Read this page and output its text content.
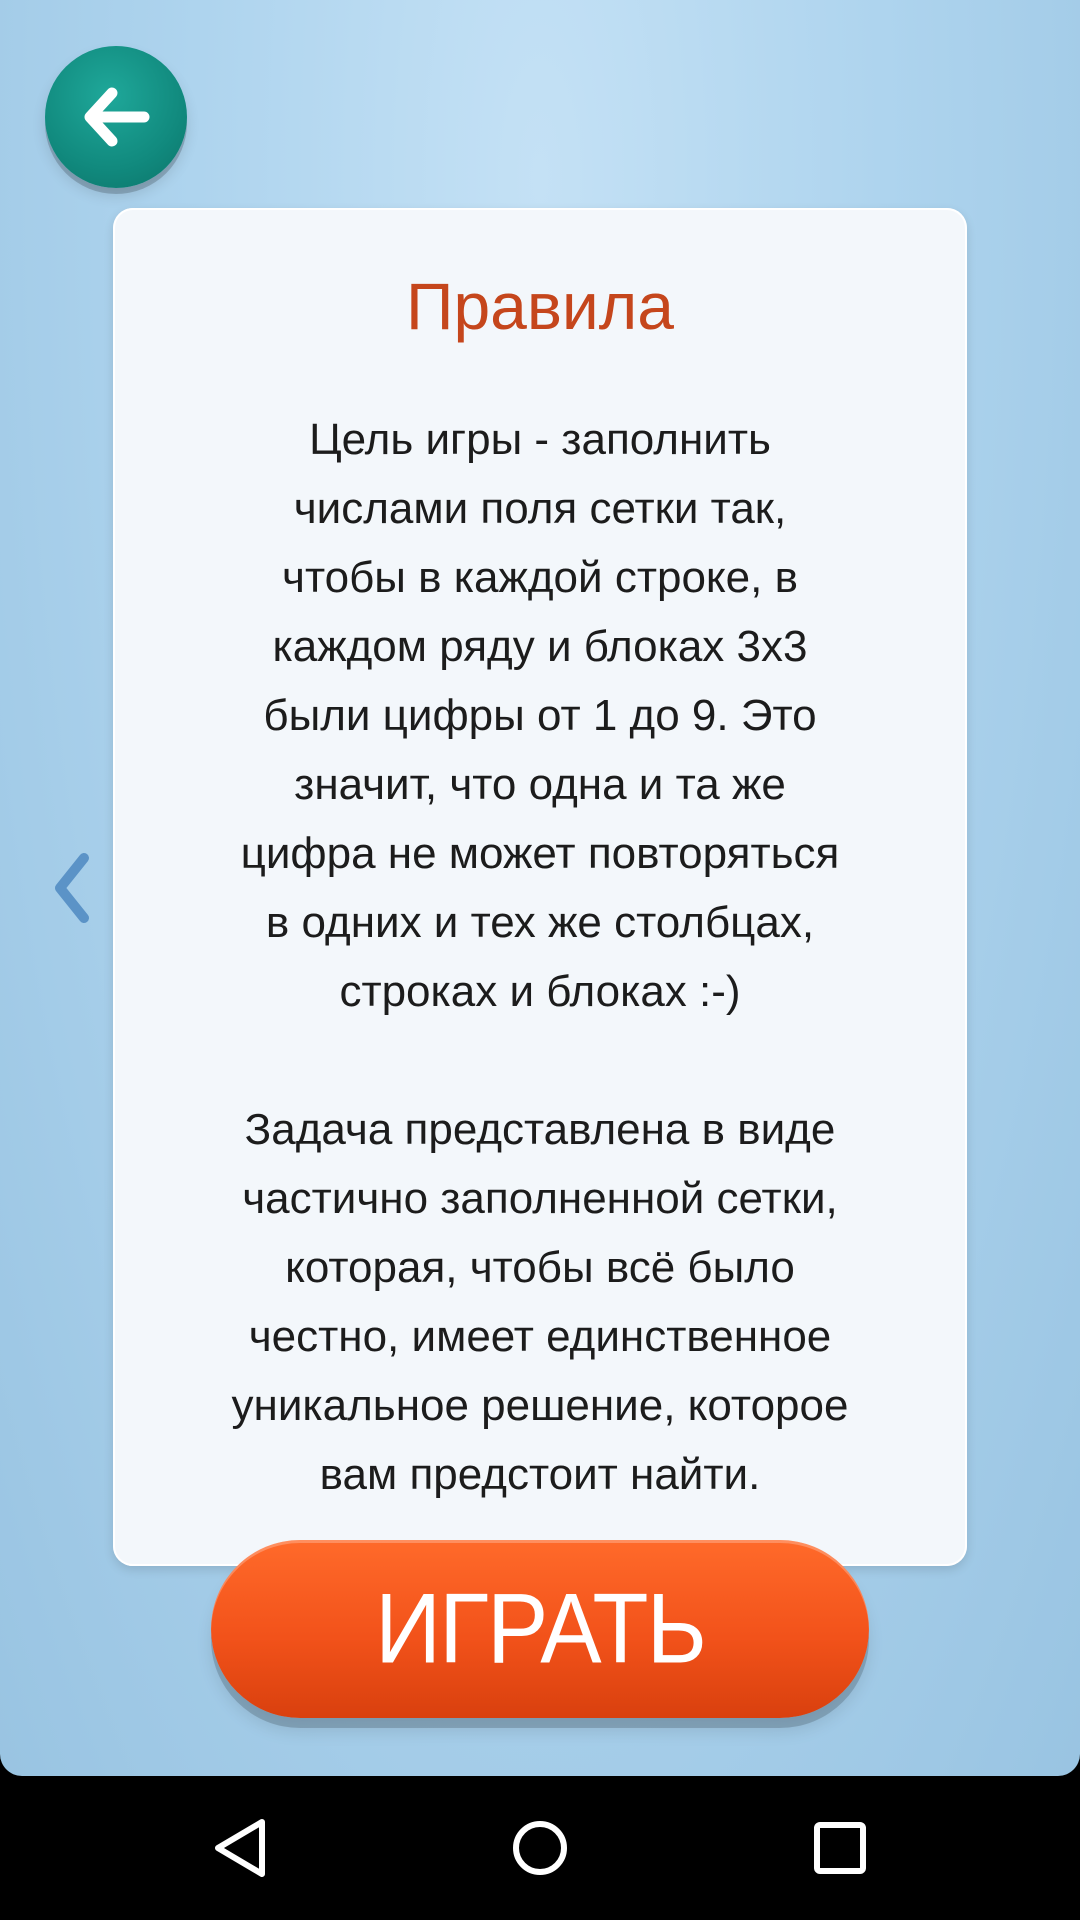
Правила
Цель игры - заполнить
числами поля сетки так,
чтобы в каждой строке, в
каждом ряду и блоках 3x3
были цифры от 1 до 9. Это
значит, что одна и та же
цифра не может повторяться
в одних и тех же столбцах,
строках и блоках :-)
Задача представлена в виде
частично заполненной сетки,
которая, чтобы всё было
честно, имеет единственное
уникальное решение, которое
вам предстоит найти.
ИГРАТЬ
